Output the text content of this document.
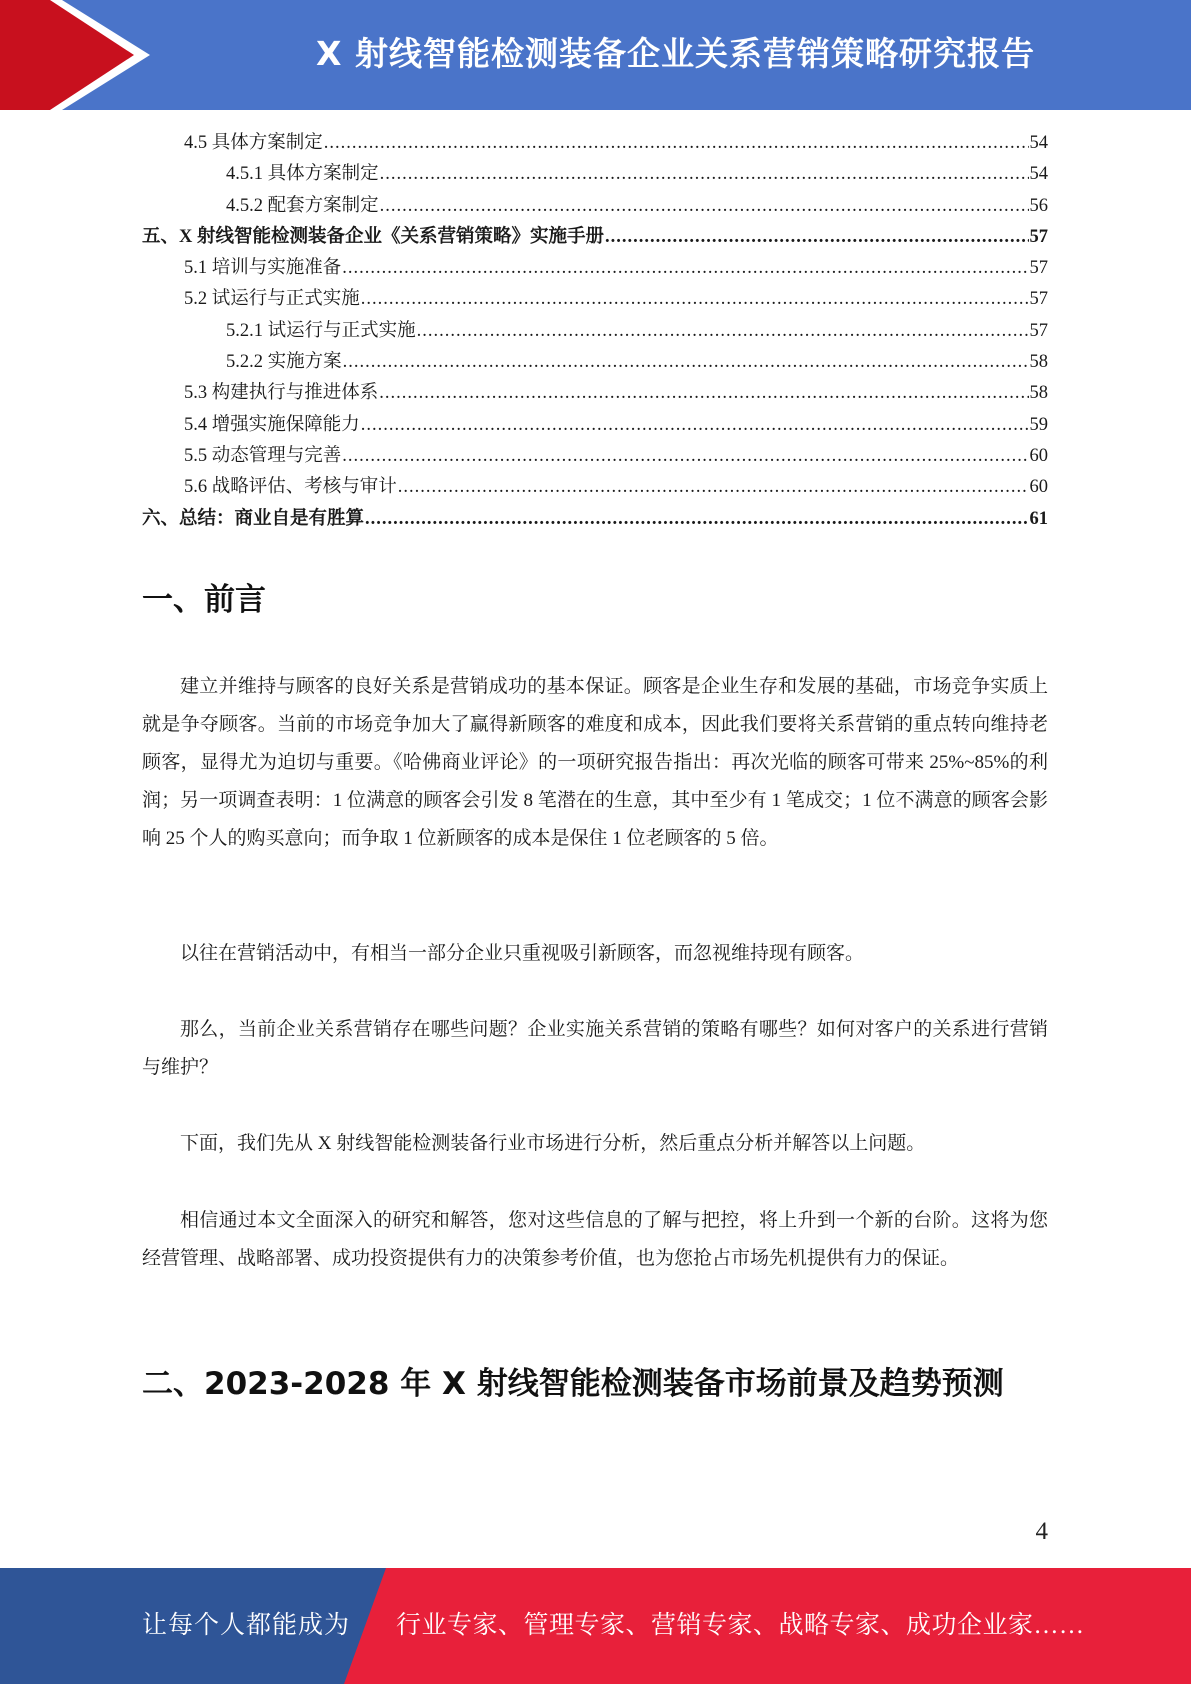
X 射线智能检测装备企业关系营销策略研究报告
4.5 具体方案制定 .....	54
4.5.1 具体方案制定 .....	54
4.5.2 配套方案制定 .....	56
五、X 射线智能检测装备企业《关系营销策略》实施手册 .....	57
5.1 培训与实施准备 .....	57
5.2 试运行与正式实施 .....	57
5.2.1 试运行与正式实施 .....	57
5.2.2 实施方案 .....	58
5.3 构建执行与推进体系 .....	58
5.4 增强实施保障能力 .....	59
5.5 动态管理与完善 .....	60
5.6 战略评估、考核与审计 .....	60
六、总结：商业自是有胜算 .....	61
一、前言

建立并维持与顾客的良好关系是营销成功的基本保证。顾客是企业生存和发展的基础，市场竞争实质上就是争夺顾客。当前的市场竞争加大了赢得新顾客的难度和成本，因此我们要将关系营销的重点转向维持老顾客，显得尤为迫切与重要。《哈佛商业评论》的一项研究报告指出：再次光临的顾客可带来 25%~85%的利润；另一项调查表明：1 位满意的顾客会引发 8 笔潜在的生意，其中至少有 1 笔成交；1 位不满意的顾客会影响 25 个人的购买意向；而争取 1 位新顾客的成本是保住 1 位老顾客的 5 倍。

以往在营销活动中，有相当一部分企业只重视吸引新顾客，而忽视维持现有顾客。

那么，当前企业关系营销存在哪些问题？企业实施关系营销的策略有哪些？如何对客户的关系进行营销与维护？

下面，我们先从 X 射线智能检测装备行业市场进行分析，然后重点分析并解答以上问题。

相信通过本文全面深入的研究和解答，您对这些信息的了解与把控，将上升到一个新的台阶。这将为您经营管理、战略部署、成功投资提供有力的决策参考价值，也为您抢占市场先机提供有力的保证。

二、2023-2028 年 X 射线智能检测装备市场前景及趋势预测
4
让每个人都能成为 行业专家、管理专家、营销专家、战略专家、成功企业家……
